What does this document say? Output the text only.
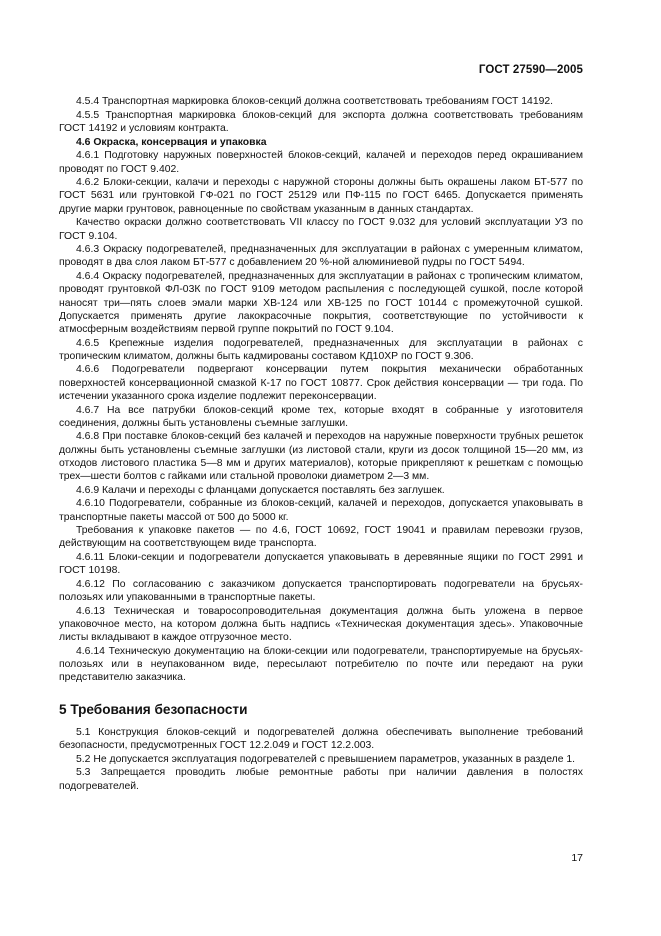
ГОСТ 27590—2005

4.5.4 Транспортная маркировка блоков-секций должна соответствовать требованиям ГОСТ 14192.

4.5.5 Транспортная маркировка блоков-секций для экспорта должна соответствовать требованиям ГОСТ 14192 и условиям контракта.

4.6 Окраска, консервация и упаковка

4.6.1 Подготовку наружных поверхностей блоков-секций, калачей и переходов перед окрашиванием проводят по ГОСТ 9.402.

4.6.2 Блоки-секции, калачи и переходы с наружной стороны должны быть окрашены лаком БТ-577 по ГОСТ 5631 или грунтовкой ГФ-021 по ГОСТ 25129 или ПФ-115 по ГОСТ 6465. Допускается применять другие марки грунтовок, равноценные по свойствам указанным в данных стандартах.

Качество окраски должно соответствовать VII классу по ГОСТ 9.032 для условий эксплуатации УЗ по ГОСТ 9.104.

4.6.3 Окраску подогревателей, предназначенных для эксплуатации в районах с умеренным климатом, проводят в два слоя лаком БТ-577 с добавлением 20 %-ной алюминиевой пудры по ГОСТ 5494.

4.6.4 Окраску подогревателей, предназначенных для эксплуатации в районах с тропическим климатом, проводят грунтовкой ФЛ-03К по ГОСТ 9109 методом распыления с последующей сушкой, после которой наносят три—пять слоев эмали марки ХВ-124 или ХВ-125 по ГОСТ 10144 с промежуточной сушкой. Допускается применять другие лакокрасочные покрытия, соответствующие по устойчивости к атмосферным воздействиям первой группе покрытий по ГОСТ 9.104.

4.6.5 Крепежные изделия подогревателей, предназначенных для эксплуатации в районах с тропическим климатом, должны быть кадмированы составом КД10ХР по ГОСТ 9.306.

4.6.6 Подогреватели подвергают консервации путем покрытия механически обработанных поверхностей консервационной смазкой К-17 по ГОСТ 10877. Срок действия консервации — три года. По истечении указанного срока изделие подлежит переконсервации.

4.6.7 На все патрубки блоков-секций кроме тех, которые входят в собранные у изготовителя соединения, должны быть установлены съемные заглушки.

4.6.8 При поставке блоков-секций без калачей и переходов на наружные поверхности трубных решеток должны быть установлены съемные заглушки (из листовой стали, круги из досок толщиной 15—20 мм, из отходов листового пластика 5—8 мм и других материалов), которые прикрепляют к решеткам с помощью трех—шести болтов с гайками или стальной проволоки диаметром 2—3 мм.

4.6.9 Калачи и переходы с фланцами допускается поставлять без заглушек.

4.6.10 Подогреватели, собранные из блоков-секций, калачей и переходов, допускается упаковывать в транспортные пакеты массой от 500 до 5000 кг.

Требования к упаковке пакетов — по 4.6, ГОСТ 10692, ГОСТ 19041 и правилам перевозки грузов, действующим на соответствующем виде транспорта.

4.6.11 Блоки-секции и подогреватели допускается упаковывать в деревянные ящики по ГОСТ 2991 и ГОСТ 10198.

4.6.12 По согласованию с заказчиком допускается транспортировать подогреватели на брусьях-полозьях или упакованными в транспортные пакеты.

4.6.13 Техническая и товаросопроводительная документация должна быть уложена в первое упаковочное место, на котором должна быть надпись «Техническая документация здесь». Упаковочные листы вкладывают в каждое отгрузочное место.

4.6.14 Техническую документацию на блоки-секции или подогреватели, транспортируемые на брусьях-полозьях или в неупакованном виде, пересылают потребителю по почте или передают на руки представителю заказчика.

5 Требования безопасности

5.1 Конструкция блоков-секций и подогревателей должна обеспечивать выполнение требований безопасности, предусмотренных ГОСТ 12.2.049 и ГОСТ 12.2.003.

5.2 Не допускается эксплуатация подогревателей с превышением параметров, указанных в разделе 1.

5.3 Запрещается проводить любые ремонтные работы при наличии давления в полостях подогревателей.

17
